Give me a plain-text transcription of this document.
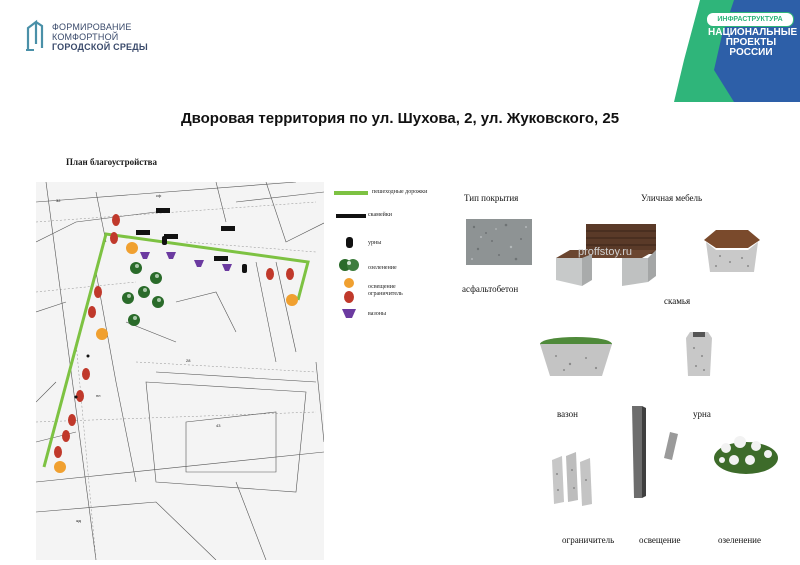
ФОРМИРОВАНИЕ
КОМФОРТНОЙ
ГОРОДСКОЙ СРЕДЫ
ИНФРАСТРУКТУРА
НАЦИОНАЛЬНЫЕ
ПРОЕКТЫ
РОССИИ
Дворовая территория по ул. Шухова, 2, ул. Жуковского, 25
План благоустройства
28
пл
43
жд
32
сф
пешеходные дорожки
скамейки
урны
озеленение
освещение ограничитель
вазоны
Тип покрытия	Уличная мебель
асфальтобетон
proffstoy.ru
скамья
вазон	урна
ограничитель	освещение	озеленение
